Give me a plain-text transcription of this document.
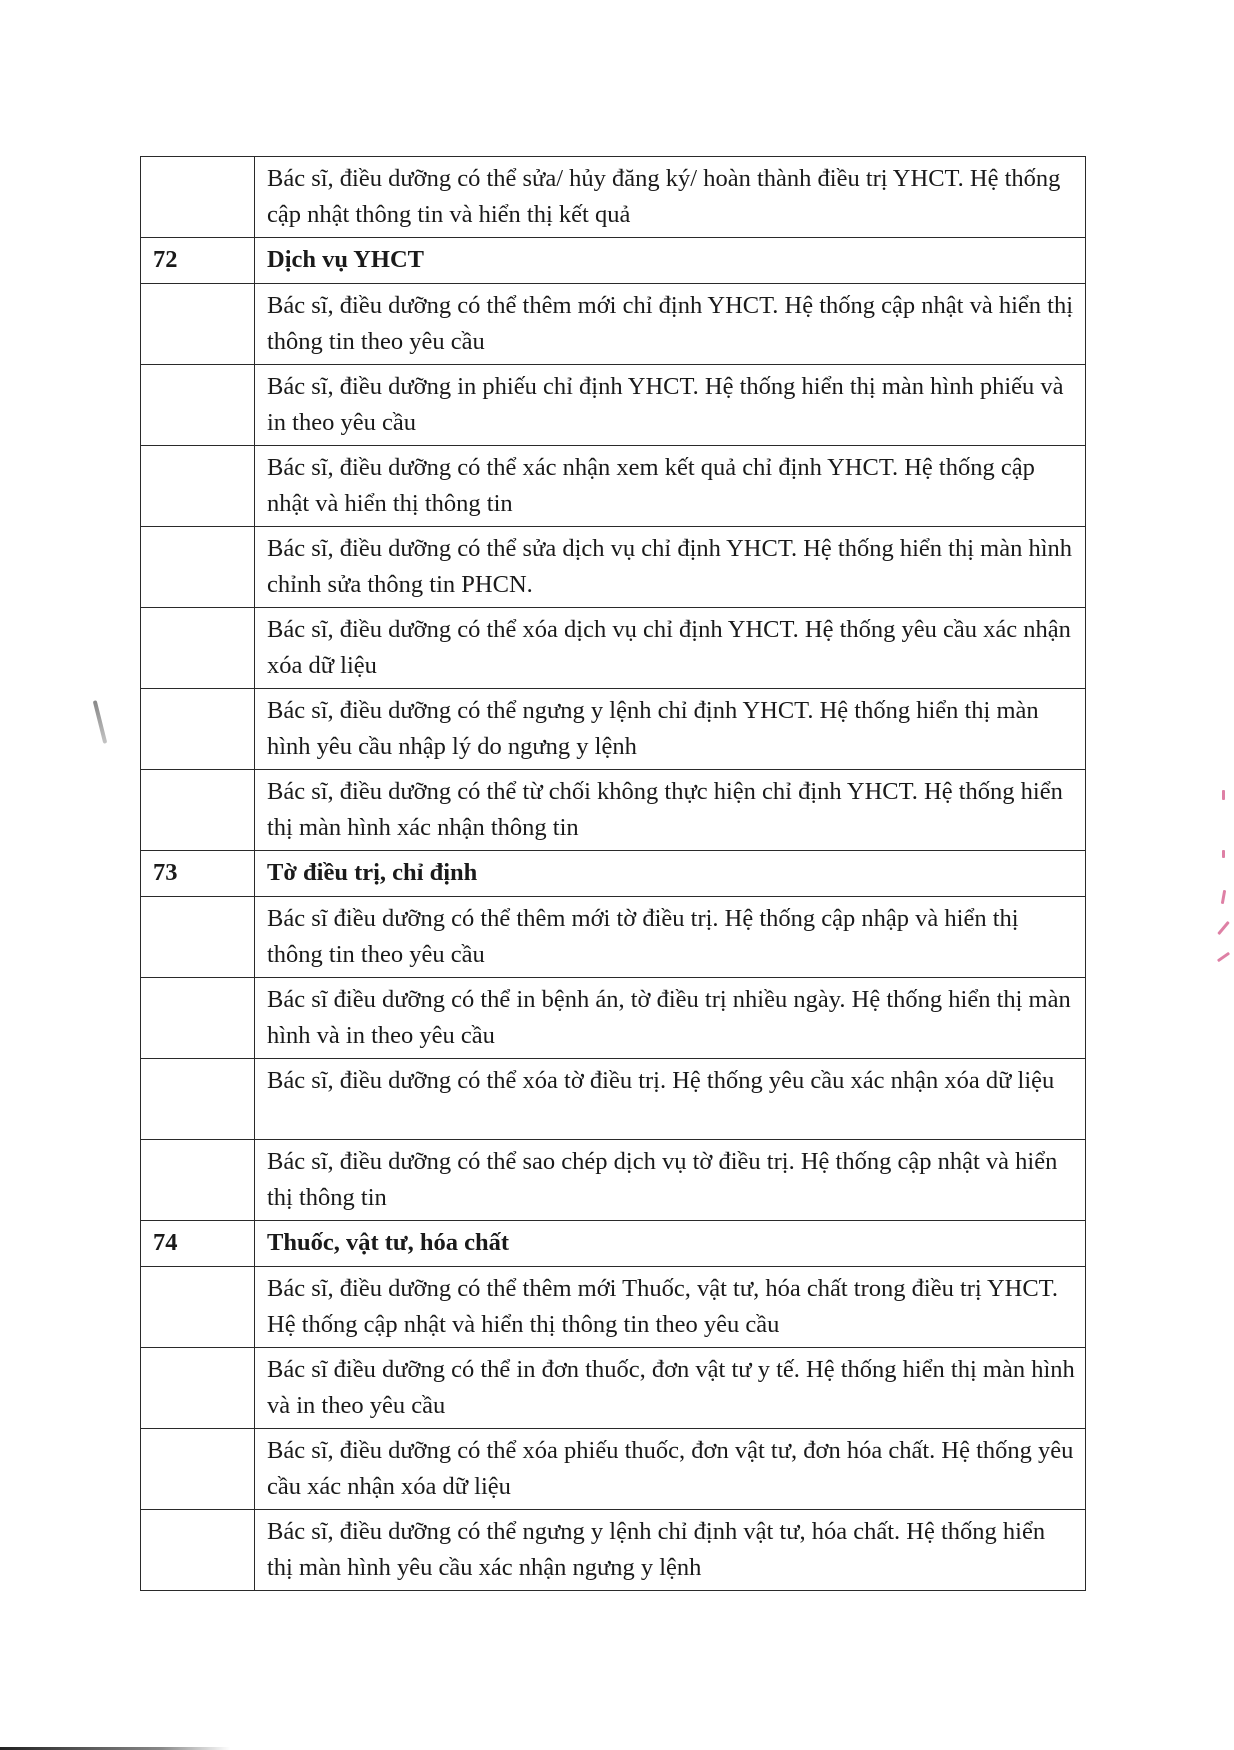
	Bác sĩ, điều dưỡng có thể sửa/ hủy đăng ký/ hoàn thành điều trị YHCT. Hệ thống cập nhật thông tin và hiển thị kết quả
72	Dịch vụ YHCT
	Bác sĩ, điều dưỡng có thể thêm mới chỉ định YHCT. Hệ thống cập nhật và hiển thị thông tin theo yêu cầu
	Bác sĩ, điều dưỡng in phiếu chỉ định YHCT. Hệ thống hiển thị màn hình phiếu và in theo yêu cầu
	Bác sĩ, điều dưỡng có thể xác nhận xem kết quả chỉ định YHCT. Hệ thống cập nhật và hiển thị thông tin
	Bác sĩ, điều dưỡng có thể sửa dịch vụ chỉ định YHCT. Hệ thống hiển thị màn hình chỉnh sửa thông tin PHCN.
	Bác sĩ, điều dưỡng có thể xóa dịch vụ chỉ định YHCT. Hệ thống yêu cầu xác nhận xóa dữ liệu
	Bác sĩ, điều dưỡng có thể ngưng y lệnh chỉ định YHCT. Hệ thống hiển thị màn hình yêu cầu nhập lý do ngưng y lệnh
	Bác sĩ, điều dưỡng có thể từ chối không thực hiện chỉ định YHCT. Hệ thống hiển thị màn hình xác nhận thông tin
73	Tờ điều trị, chỉ định
	Bác sĩ điều dưỡng có thể thêm mới tờ điều trị. Hệ thống cập nhập và hiển thị thông tin theo yêu cầu
	Bác sĩ điều dưỡng có thể in bệnh án, tờ điều trị nhiều ngày. Hệ thống hiển thị màn hình và in theo yêu cầu
	Bác sĩ, điều dưỡng có thể xóa tờ điều trị. Hệ thống yêu cầu xác nhận xóa dữ liệu
	Bác sĩ, điều dưỡng có thể sao chép dịch vụ tờ điều trị. Hệ thống cập nhật và hiển thị thông tin
74	Thuốc, vật tư, hóa chất
	Bác sĩ, điều dưỡng có thể thêm mới Thuốc, vật tư, hóa chất trong điều trị YHCT. Hệ thống cập nhật và hiển thị thông tin theo yêu cầu
	Bác sĩ điều dưỡng có thể in đơn thuốc, đơn vật tư y tế. Hệ thống hiển thị màn hình và in theo yêu cầu
	Bác sĩ, điều dưỡng có thể xóa phiếu thuốc, đơn vật tư, đơn hóa chất. Hệ thống yêu cầu xác nhận xóa dữ liệu
	Bác sĩ, điều dưỡng có thể ngưng y lệnh chỉ định vật tư, hóa chất. Hệ thống hiển thị màn hình yêu cầu xác nhận ngưng y lệnh
